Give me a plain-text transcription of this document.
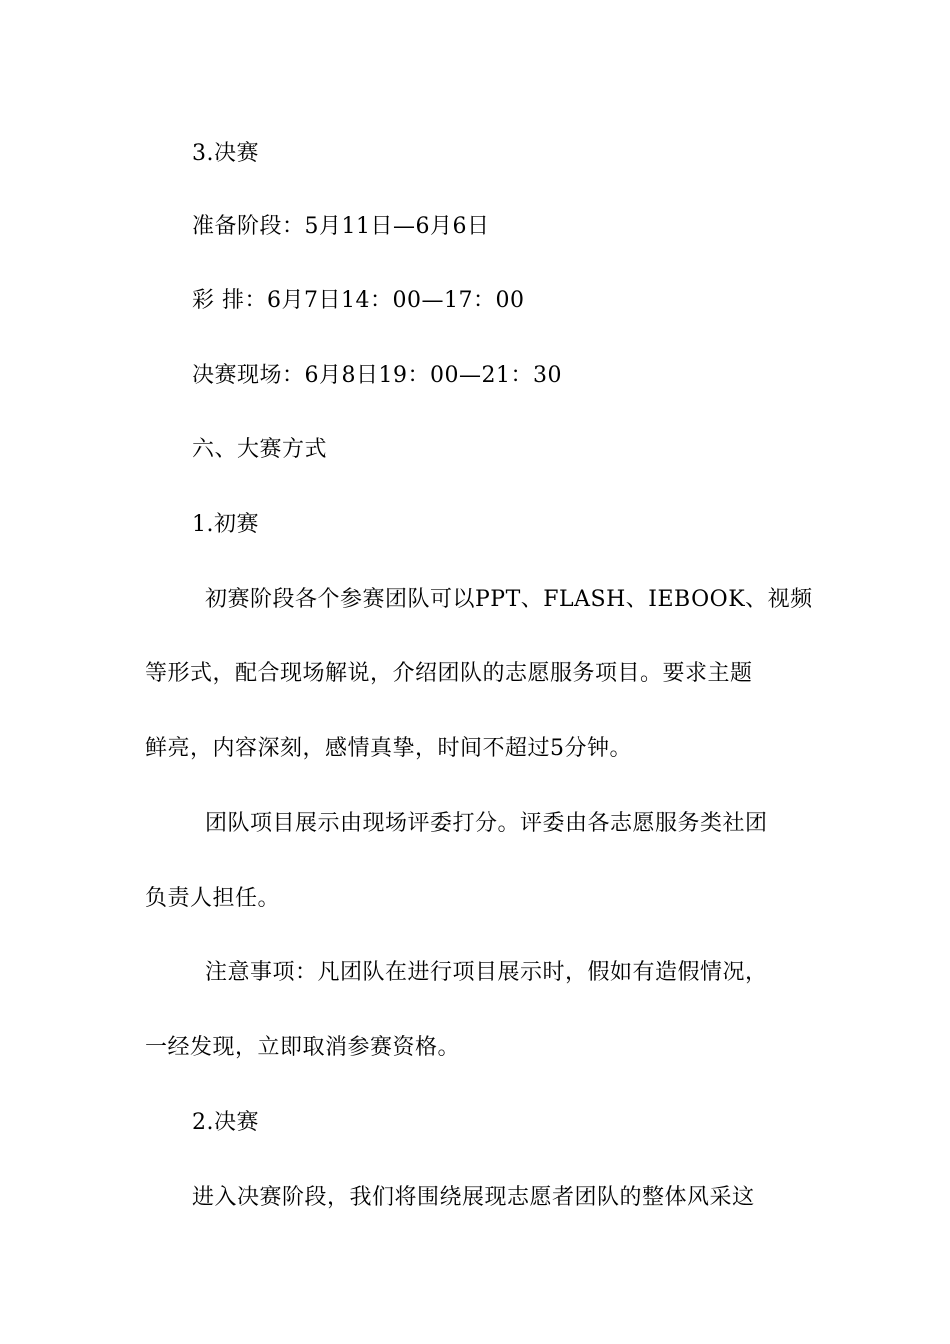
3.决赛
准备阶段：5月11日—6月6日
彩 排：6月7日14：00—17：00
决赛现场：6月8日19：00—21：30
六、大赛方式
1.初赛
初赛阶段各个参赛团队可以PPT、FLASH、IEBOOK、视频
等形式，配合现场解说，介绍团队的志愿服务项目。要求主题
鲜亮，内容深刻，感情真挚，时间不超过5分钟。
团队项目展示由现场评委打分。评委由各志愿服务类社团
负责人担任。
注意事项：凡团队在进行项目展示时，假如有造假情况，
一经发现，立即取消参赛资格。
2.决赛
进入决赛阶段，我们将围绕展现志愿者团队的整体风采这
